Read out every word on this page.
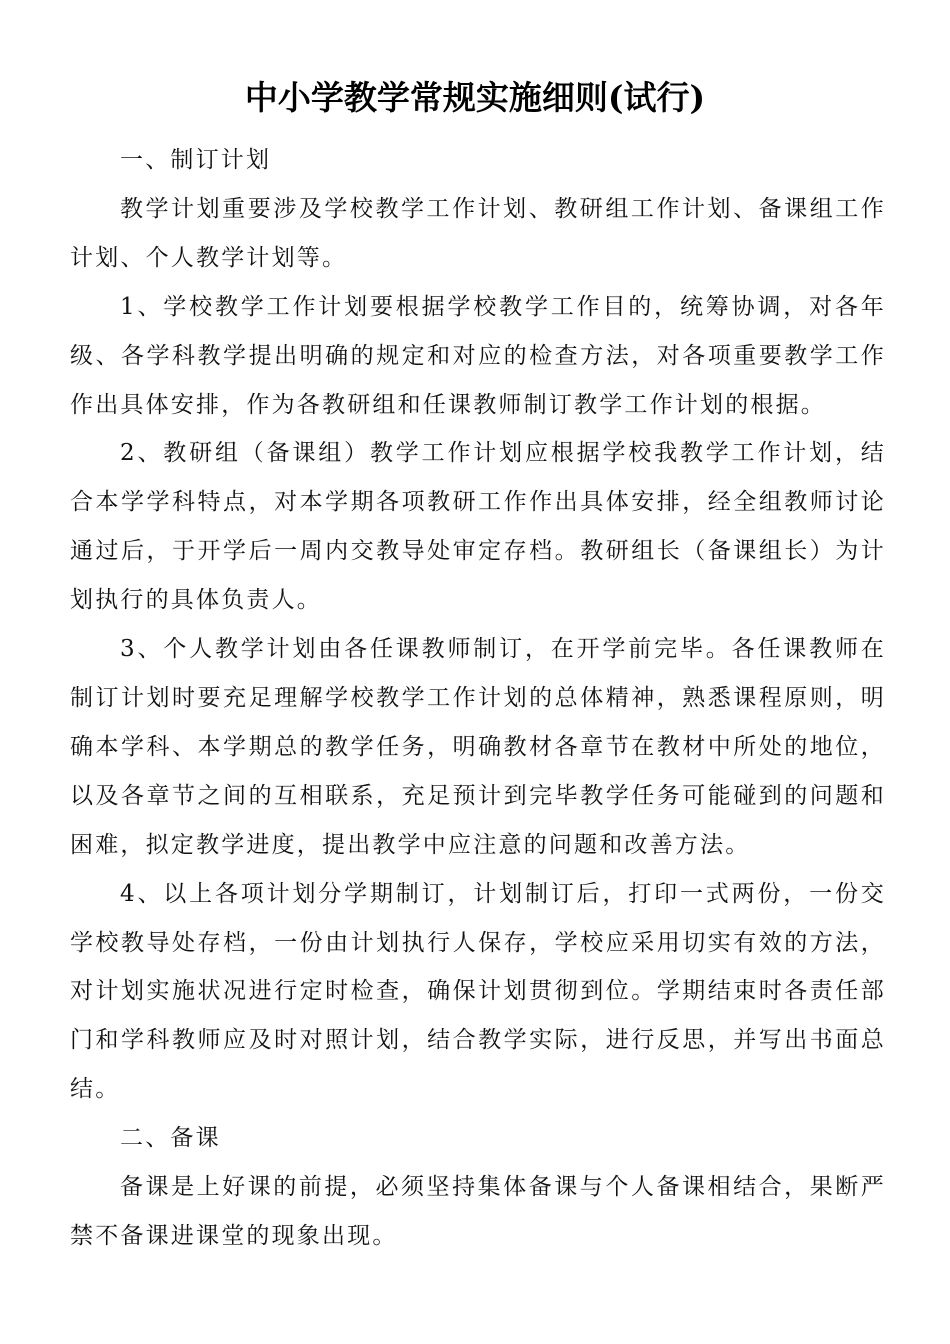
中小学教学常规实施细则(试行)

一、制订计划

教学计划重要涉及学校教学工作计划、教研组工作计划、备课组工作计划、个人教学计划等。

1、学校教学工作计划要根据学校教学工作目的，统筹协调，对各年级、各学科教学提出明确的规定和对应的检查方法，对各项重要教学工作作出具体安排，作为各教研组和任课教师制订教学工作计划的根据。

2、教研组（备课组）教学工作计划应根据学校我教学工作计划，结合本学学科特点，对本学期各项教研工作作出具体安排，经全组教师讨论通过后，于开学后一周内交教导处审定存档。教研组长（备课组长）为计划执行的具体负责人。

3、个人教学计划由各任课教师制订，在开学前完毕。各任课教师在制订计划时要充足理解学校教学工作计划的总体精神，熟悉课程原则，明确本学科、本学期总的教学任务，明确教材各章节在教材中所处的地位，以及各章节之间的互相联系，充足预计到完毕教学任务可能碰到的问题和困难，拟定教学进度，提出教学中应注意的问题和改善方法。

4、以上各项计划分学期制订，计划制订后，打印一式两份，一份交学校教导处存档，一份由计划执行人保存，学校应采用切实有效的方法，对计划实施状况进行定时检查，确保计划贯彻到位。学期结束时各责任部门和学科教师应及时对照计划，结合教学实际，进行反思，并写出书面总结。

二、备课

备课是上好课的前提，必须坚持集体备课与个人备课相结合，果断严禁不备课进课堂的现象出现。
